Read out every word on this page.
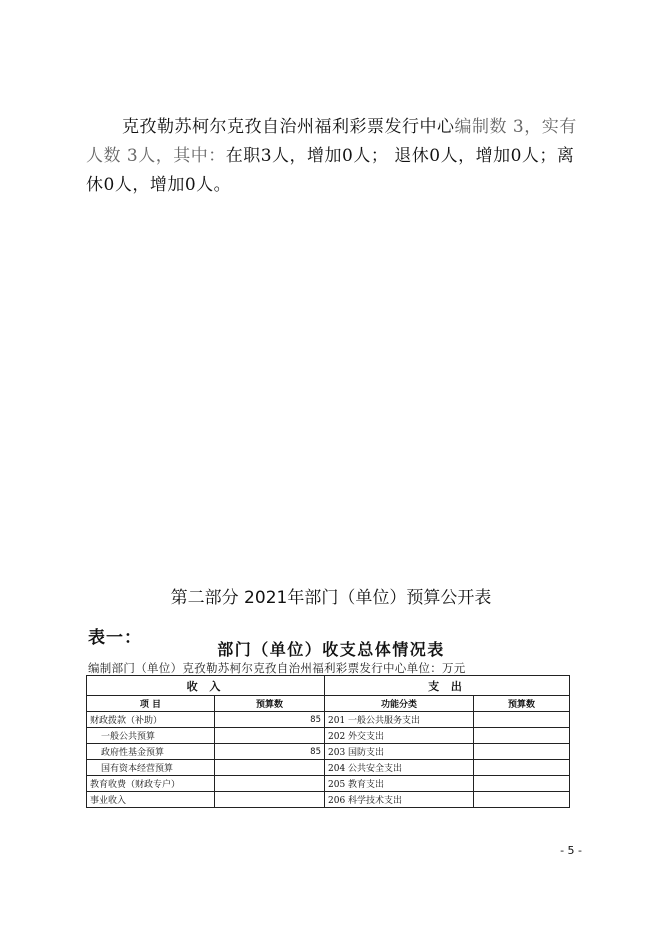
克孜勒苏柯尔克孜自治州福利彩票发行中心编制数 3，实有人数 3人，其中：在职3人，增加0人； 退休0人，增加0人；离休0人，增加0人。
第二部分 2021年部门（单位）预算公开表
表一：
部门（单位）收支总体情况表
编制部门（单位）克孜勒苏柯尔克孜自治州福利彩票发行中心单位：万元
收 入		支 出	
项 目	预算数	功能分类	预算数
财政拨款（补助）	85	201 一般公共服务支出	
一般公共预算		202 外交支出	
政府性基金预算	85	203 国防支出	
国有资本经营预算		204 公共安全支出	
教育收费（财政专户）		205 教育支出	
事业收入		206 科学技术支出	
- 5 -
